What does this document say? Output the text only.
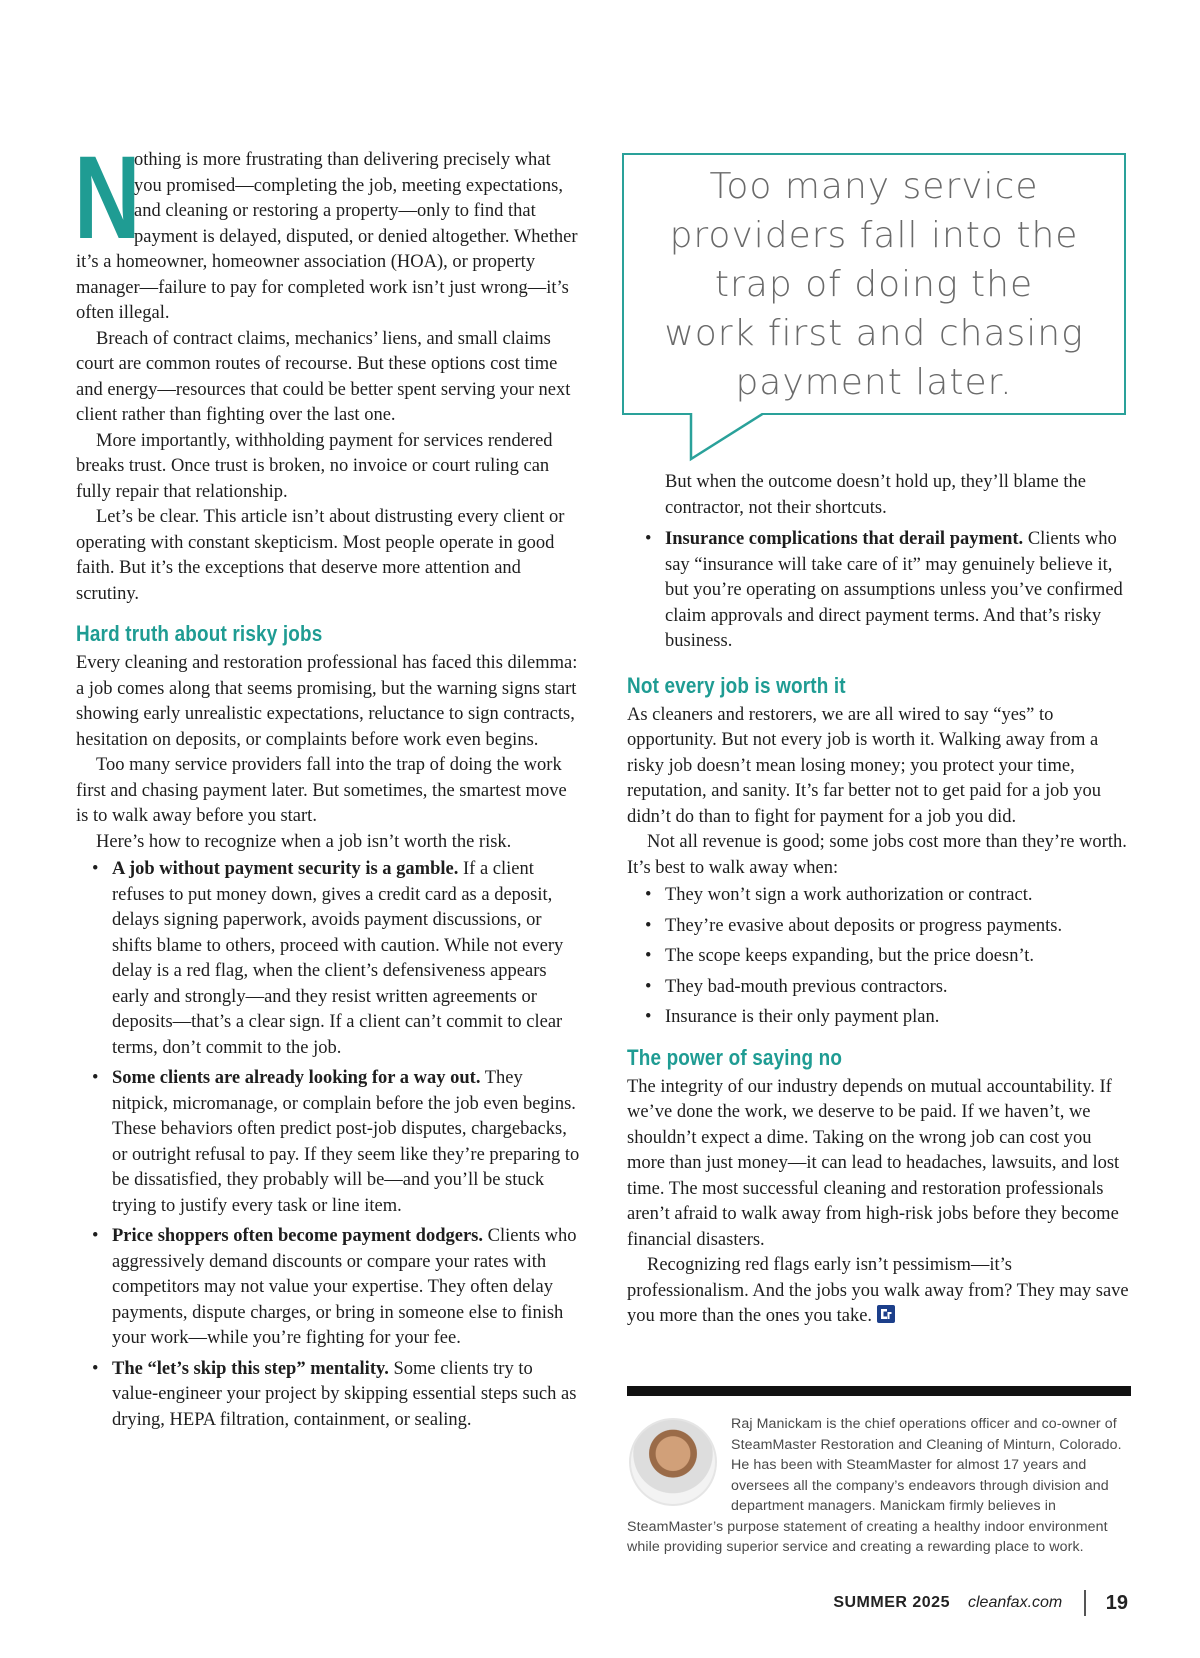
N

othing is more frustrating than delivering precisely what you promised—completing the job, meeting expectations, and cleaning or restoring a property—only to find that payment is delayed, disputed, or denied altogether. Whether it’s a homeowner, homeowner association (HOA), or property manager—failure to pay for completed work isn’t just wrong—it’s often illegal.

Breach of contract claims, mechanics’ liens, and small claims court are common routes of recourse. But these options cost time and energy—resources that could be better spent serving your next client rather than fighting over the last one.

More importantly, withholding payment for services rendered breaks trust. Once trust is broken, no invoice or court ruling can fully repair that relationship.

Let’s be clear. This article isn’t about distrusting every client or operating with constant skepticism. Most people operate in good faith. But it’s the exceptions that deserve more attention and scrutiny.

Hard truth about risky jobs

Every cleaning and restoration professional has faced this dilemma: a job comes along that seems promising, but the warning signs start showing early unrealistic expectations, reluctance to sign contracts, hesitation on deposits, or complaints before work even begins.

Too many service providers fall into the trap of doing the work first and chasing payment later. But sometimes, the smartest move is to walk away before you start.

Here’s how to recognize when a job isn’t worth the risk.

• A job without payment security is a gamble. If a client refuses to put money down, gives a credit card as a deposit, delays signing paperwork, avoids payment discussions, or shifts blame to others, proceed with caution. While not every delay is a red flag, when the client’s defensiveness appears early and strongly—and they resist written agreements or deposits—that’s a clear sign. If a client can’t commit to clear terms, don’t commit to the job.
• Some clients are already looking for a way out. They nitpick, micromanage, or complain before the job even begins. These behaviors often predict post-job disputes, chargebacks, or outright refusal to pay. If they seem like they’re preparing to be dissatisfied, they probably will be—and you’ll be stuck trying to justify every task or line item.
• Price shoppers often become payment dodgers. Clients who aggressively demand discounts or compare your rates with competitors may not value your expertise. They often delay payments, dispute charges, or bring in someone else to finish your work—while you’re fighting for your fee.
• The “let’s skip this step” mentality. Some clients try to value-engineer your project by skipping essential steps such as drying, HEPA filtration, containment, or sealing.
Too many service providers fall into the trap of doing the work first and chasing payment later.

But when the outcome doesn’t hold up, they’ll blame the contractor, not their shortcuts.

• Insurance complications that derail payment. Clients who say “insurance will take care of it” may genuinely believe it, but you’re operating on assumptions unless you’ve confirmed claim approvals and direct payment terms. And that’s risky business.
Not every job is worth it

As cleaners and restorers, we are all wired to say “yes” to opportunity. But not every job is worth it. Walking away from a risky job doesn’t mean losing money; you protect your time, reputation, and sanity. It’s far better not to get paid for a job you didn’t do than to fight for payment for a job you did.

Not all revenue is good; some jobs cost more than they’re worth. It’s best to walk away when:

• They won’t sign a work authorization or contract.
• They’re evasive about deposits or progress payments.
• The scope keeps expanding, but the price doesn’t.
• They bad-mouth previous contractors.
• Insurance is their only payment plan.
The power of saying no

The integrity of our industry depends on mutual accountability. If we’ve done the work, we deserve to be paid. If we haven’t, we shouldn’t expect a dime. Taking on the wrong job can cost you more than just money—it can lead to headaches, lawsuits, and lost time. The most successful cleaning and restoration professionals aren’t afraid to walk away from high-risk jobs before they become financial disasters.

Recognizing red flags early isn’t pessimism—it’s professionalism. And the jobs you walk away from? They may save you more than the ones you take.

Raj Manickam is the chief operations officer and co-owner of SteamMaster Restoration and Cleaning of Minturn, Colorado. He has been with SteamMaster for almost 17 years and oversees all the company’s endeavors through division and department managers. Manickam firmly believes in SteamMaster’s purpose statement of creating a healthy indoor environment while providing superior service and creating a rewarding place to work.

SUMMER 2025 cleanfax.com 19
